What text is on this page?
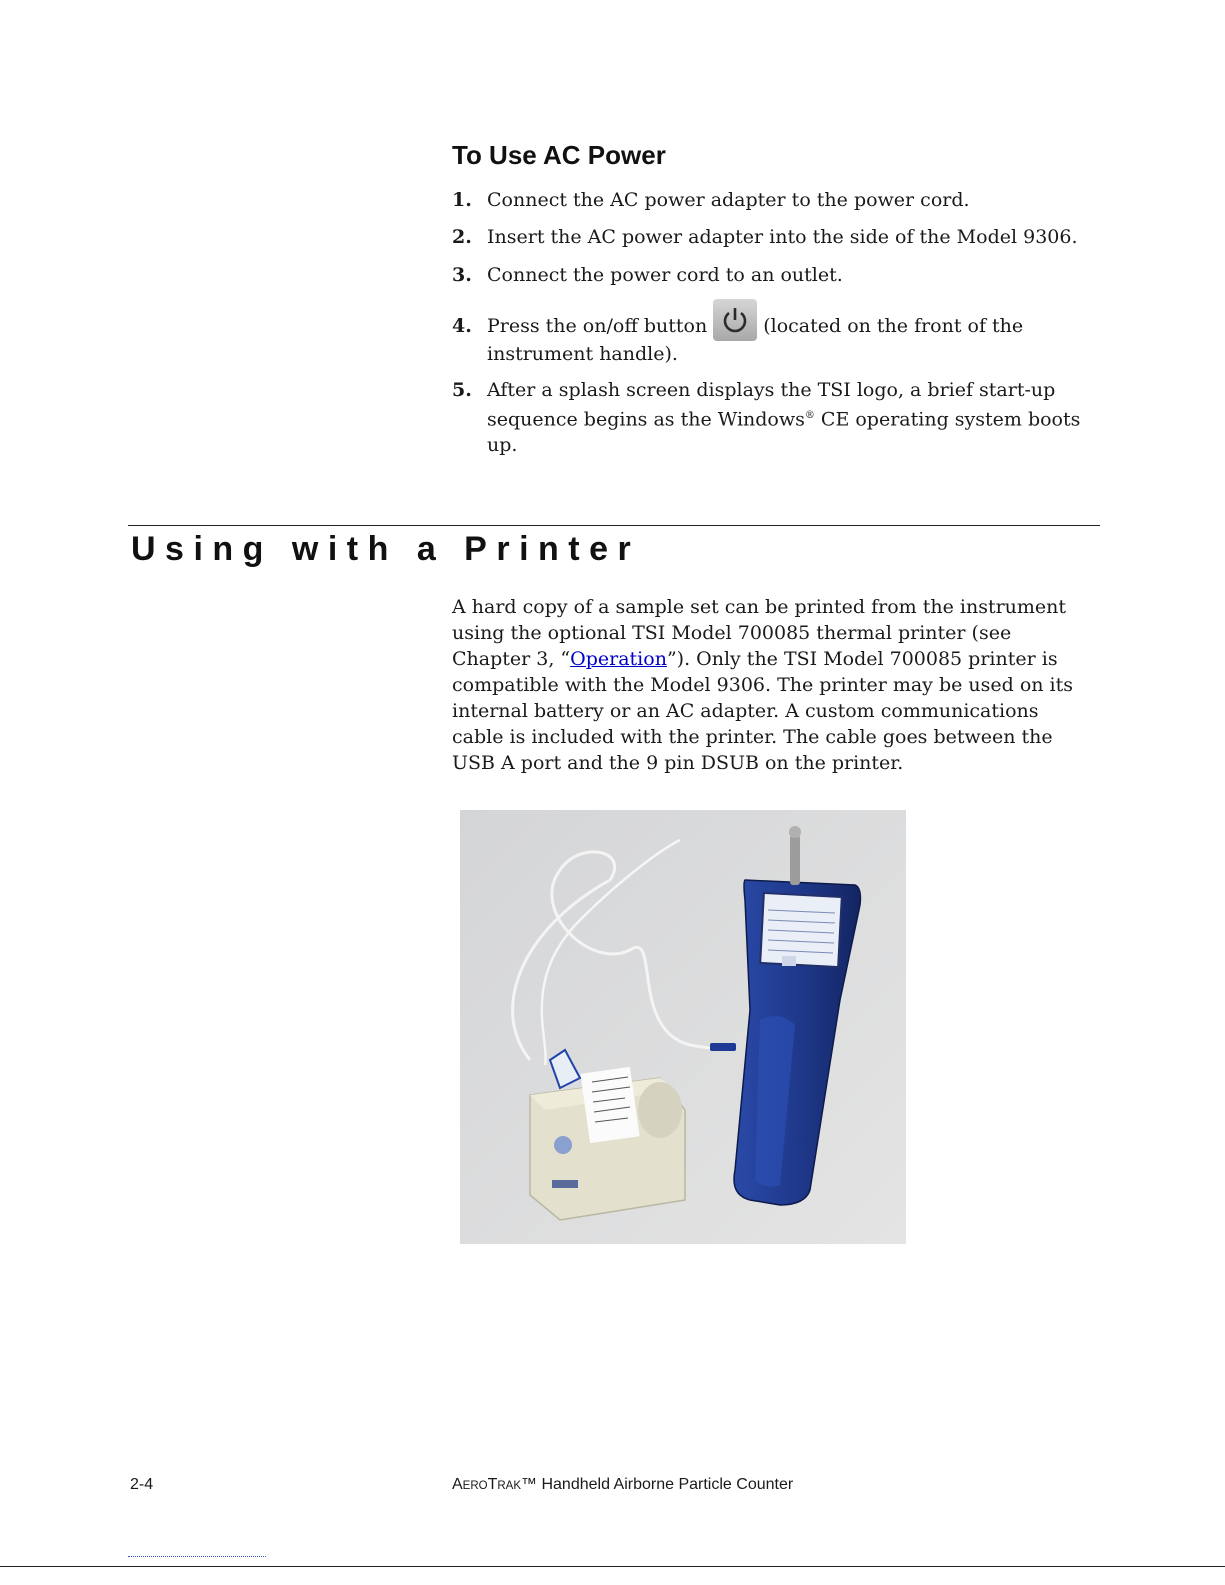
To Use AC Power
1. Connect the AC power adapter to the power cord.
2. Insert the AC power adapter into the side of the Model 9306.
3. Connect the power cord to an outlet.
4. Press the on/off button	(located on the front of the instrument handle).
5. After a splash screen displays the TSI logo, a brief start-up sequence begins as the Windows® CE operating system boots up.
Using with a Printer

A hard copy of a sample set can be printed from the instrument using the optional TSI Model 700085 thermal printer (see Chapter 3, “Operation”). Only the TSI Model 700085 printer is compatible with the Model 9306. The printer may be used on its internal battery or an AC adapter. A custom communications cable is included with the printer. The cable goes between the USB A port and the 9 pin DSUB on the printer.

2-4	AEROTRAK™ Handheld Airborne Particle Counter
